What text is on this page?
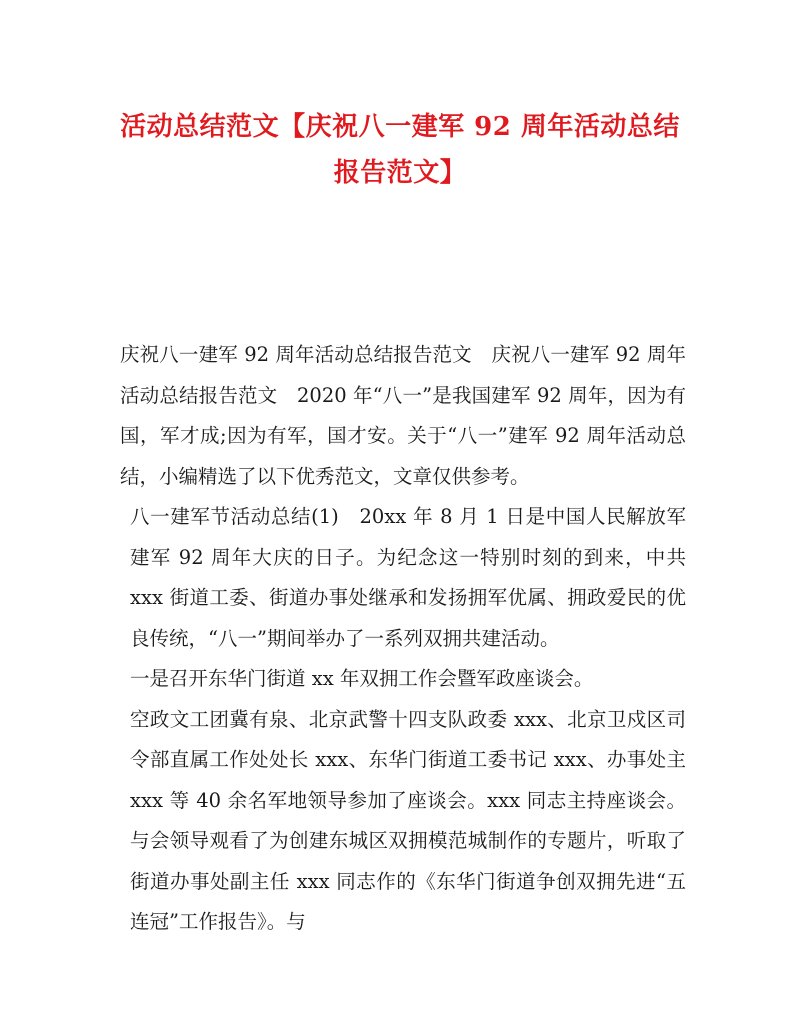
活动总结范文【庆祝八一建军 92 周年活动总结报告范文】

庆祝八一建军 92 周年活动总结报告范文　庆祝八一建军 92 周年活动总结报告范文　2020 年“八一”是我国建军 92 周年，因为有国，军才成;因为有军，国才安。关于“八一”建军 92 周年活动总结，小编精选了以下优秀范文，文章仅供参考。

八一建军节活动总结(1)　20xx 年 8 月 1 日是中国人民解放军建军 92 周年大庆的日子。为纪念这一特别时刻的到来，中共 xxx 街道工委、街道办事处继承和发扬拥军优属、拥政爱民的优良传统，“八一”期间举办了一系列双拥共建活动。

一是召开东华门街道 xx 年双拥工作会暨军政座谈会。

空政文工团冀有泉、北京武警十四支队政委 xxx、北京卫戍区司令部直属工作处处长 xxx、东华门街道工委书记 xxx、办事处主 xxx 等 40 余名军地领导参加了座谈会。xxx 同志主持座谈会。与会领导观看了为创建东城区双拥模范城制作的专题片，听取了街道办事处副主任 xxx 同志作的《东华门街道争创双拥先进“五连冠”工作报告》。与
